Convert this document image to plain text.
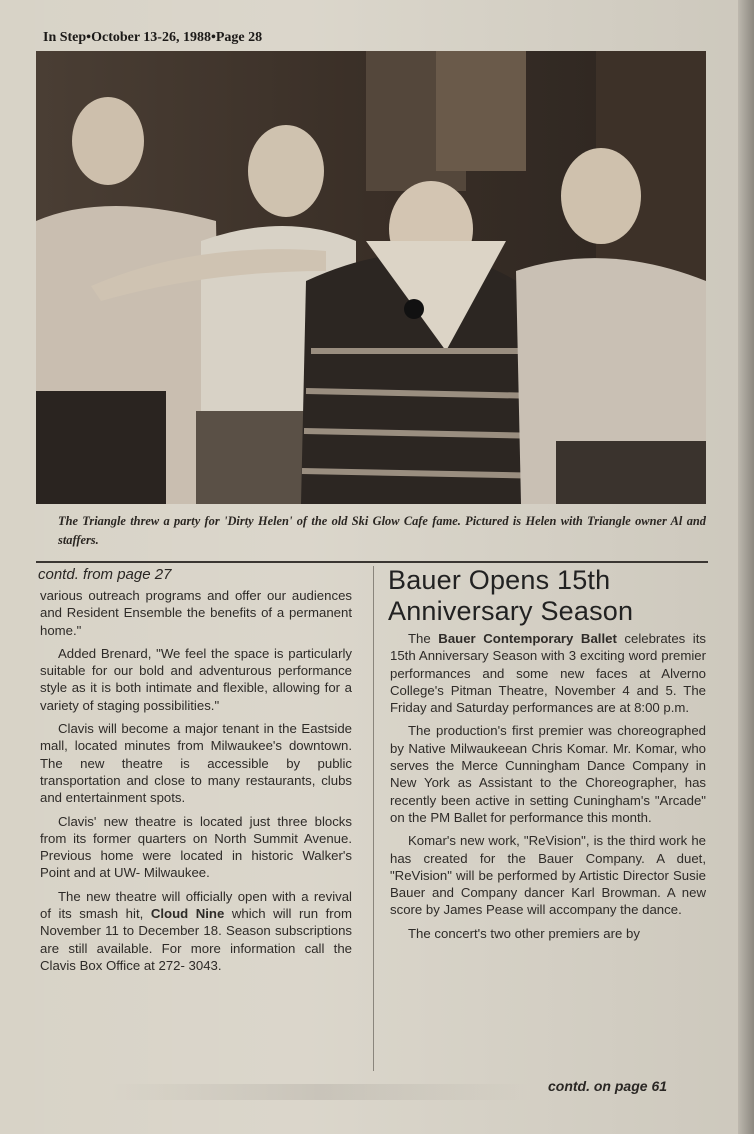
In Step•October 13-26, 1988•Page 28
The Triangle threw a party for 'Dirty Helen' of the old Ski Glow Cafe fame. Pictured is Helen with Triangle owner Al and staffers.
contd. from page 27

various outreach programs and offer our audiences and Resident Ensemble the benefits of a permanent home."

Added Brenard, "We feel the space is particularly suitable for our bold and adventurous performance style as it is both intimate and flexible, allowing for a variety of staging possibilities."

Clavis will become a major tenant in the Eastside mall, located minutes from Milwaukee's downtown. The new theatre is accessible by public transportation and close to many restaurants, clubs and entertainment spots.

Clavis' new theatre is located just three blocks from its former quarters on North Summit Avenue. Previous home were located in historic Walker's Point and at UW- Milwaukee.

The new theatre will officially open with a revival of its smash hit, Cloud Nine which will run from November 11 to December 18. Season subscriptions are still available. For more information call the Clavis Box Office at 272- 3043.

Bauer Opens 15th Anniversary Season

The Bauer Contemporary Ballet celebrates its 15th Anniversary Season with 3 exciting word premier performances and some new faces at Alverno College's Pitman Theatre, November 4 and 5. The Friday and Saturday performances are at 8:00 p.m.

The production's first premier was choreographed by Native Milwaukeean Chris Komar. Mr. Komar, who serves the Merce Cunningham Dance Company in New York as Assistant to the Choreographer, has recently been active in setting Cuningham's "Arcade" on the PM Ballet for performance this month.

Komar's new work, "ReVision", is the third work he has created for the Bauer Company. A duet, "ReVision" will be performed by Artistic Director Susie Bauer and Company dancer Karl Browman. A new score by James Pease will accompany the dance.

The concert's two other premiers are by

contd. on page 61
